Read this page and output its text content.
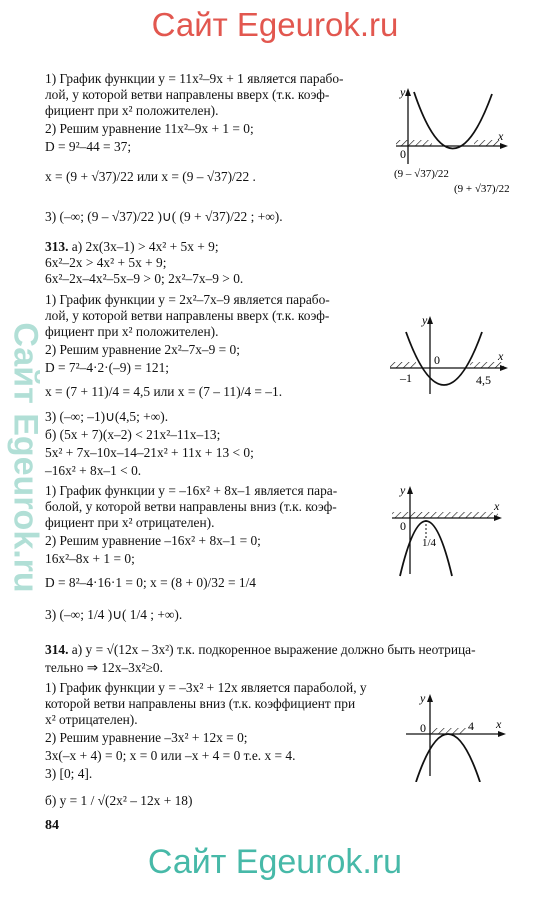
Сайт Egeurok.ru
Сайт Egeurok.ru
1) График функции y = 11x²–9x + 1 является парабо-
лой, у которой ветви направлены вверх (т.к. коэф-
фициент при x² положителен).
2) Решим уравнение 11x²–9x + 1 = 0;
D = 9²–44 = 37;
x = (9 + √37)/22 или x = (9 – √37)/22 .
3) (–∞; (9 – √37)/22 )∪( (9 + √37)/22 ; +∞).
313. а) 2x(3x–1) > 4x² + 5x + 9;
6x²–2x > 4x² + 5x + 9;
6x²–2x–4x²–5x–9 > 0; 2x²–7x–9 > 0.
1) График функции y = 2x²–7x–9 является парабо-
лой, у которой ветви направлены вверх (т.к. коэф-
фициент при x² положителен).
2) Решим уравнение 2x²–7x–9 = 0;
D = 7²–4·2·(–9) = 121;
x = (7 + 11)/4 = 4,5 или x = (7 – 11)/4 = –1.
3) (–∞; –1)∪(4,5; +∞).
б) (5x + 7)(x–2) < 21x²–11x–13;
5x² + 7x–10x–14–21x² + 11x + 13 < 0;
–16x² + 8x–1 < 0.
1) График функции y = –16x² + 8x–1 является пара-
болой, у которой ветви направлены вниз (т.к. коэф-
фициент при x² отрицателен).
2) Решим уравнение –16x² + 8x–1 = 0;
16x²–8x + 1 = 0;
D = 8²–4·16·1 = 0; x = (8 + 0)/32 = 1/4
3) (–∞; 1/4 )∪( 1/4 ; +∞).
314. а) y = √(12x – 3x²) т.к. подкоренное выражение должно быть неотрица-
тельно ⇒ 12x–3x²≥0.
1) График функции y = –3x² + 12x является параболой, у
которой ветви направлены вниз (т.к. коэффициент при
x² отрицателен).
2) Решим уравнение –3x² + 12x = 0;
3x(–x + 4) = 0; x = 0 или –x + 4 = 0 т.е. x = 4.
3) [0; 4].
б) y = 1 / √(2x² – 12x + 18)
y
x
0
(9 – √37)/22
(9 + √37)/22
y
x
0
–1	4,5
y
x
0
1/4
y
x
0	4
84
Сайт Egeurok.ru
